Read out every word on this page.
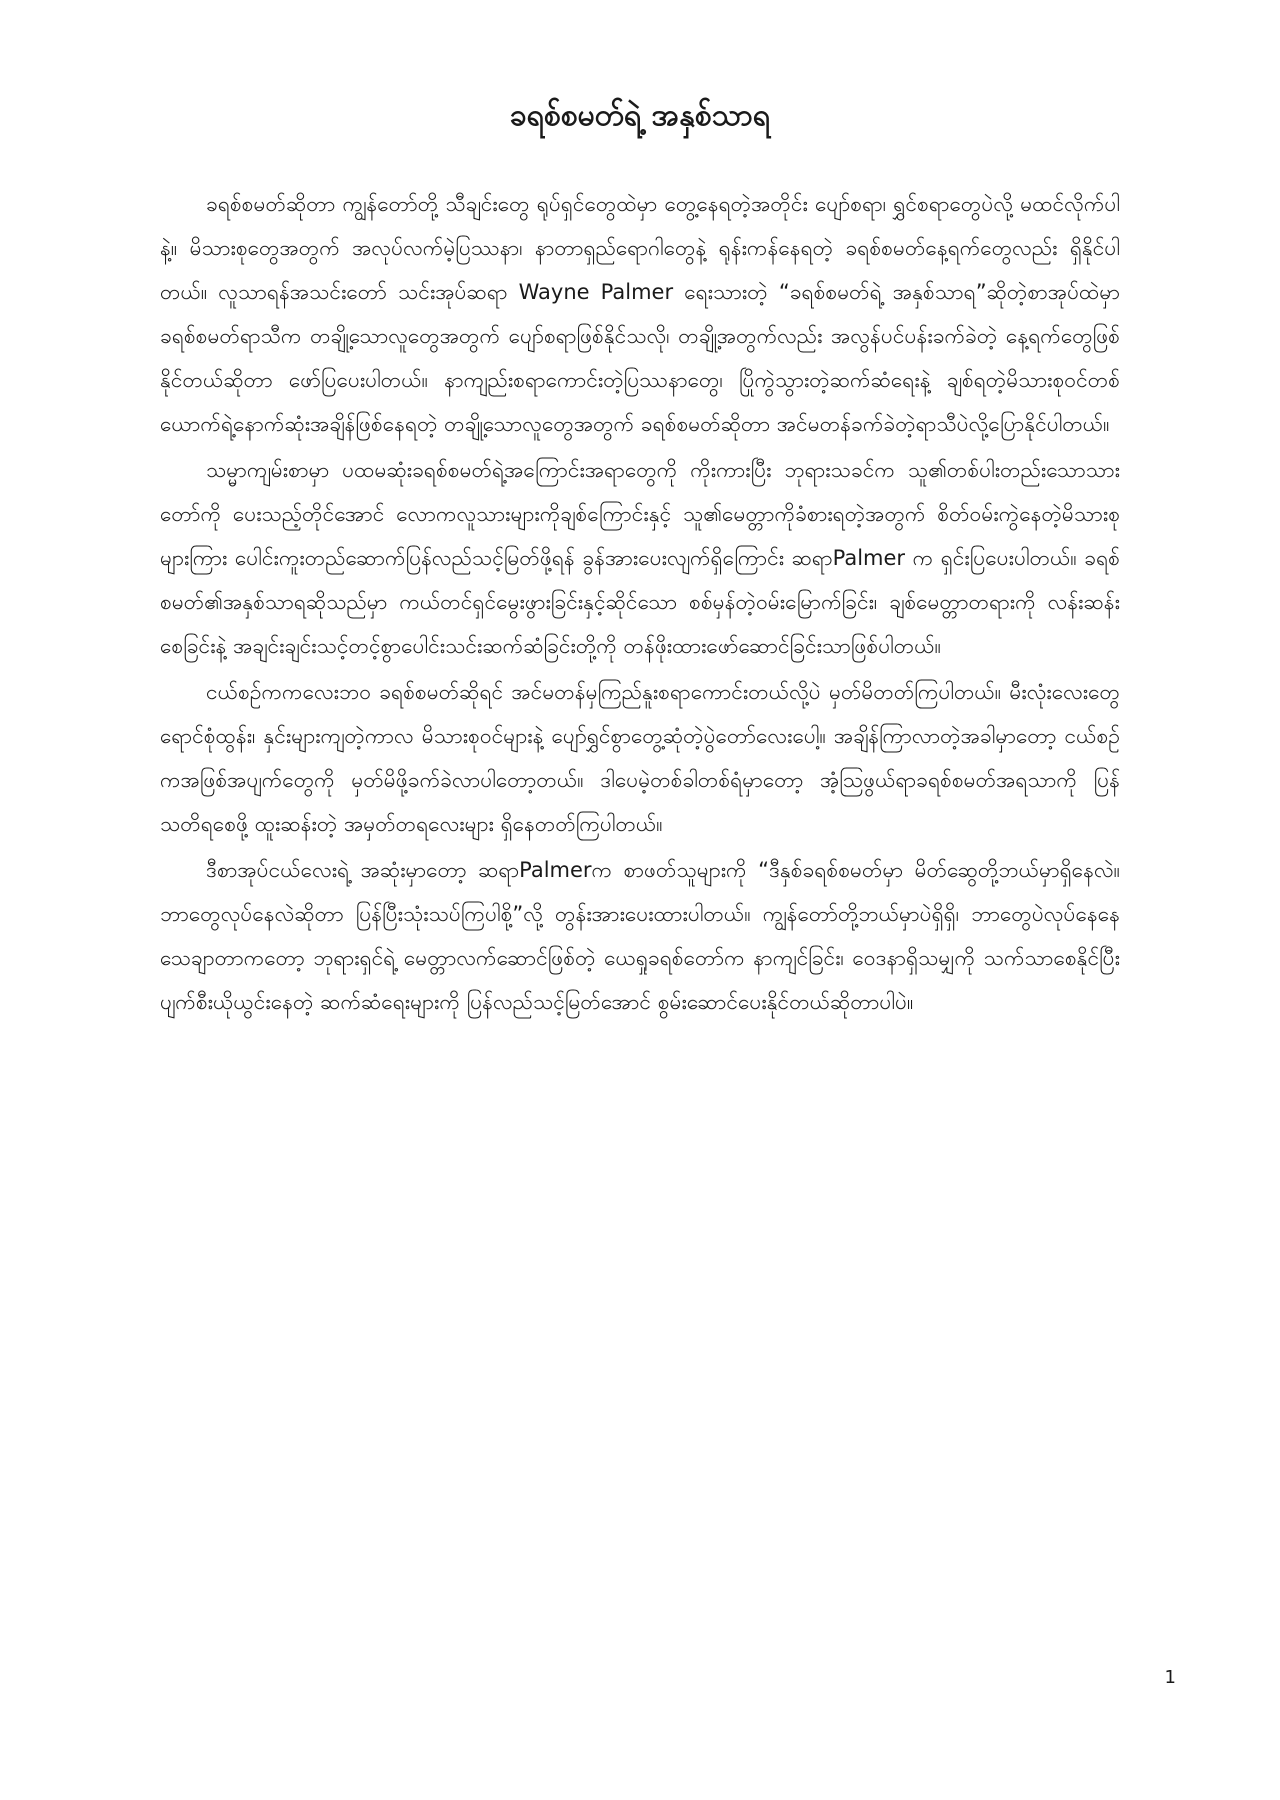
ခရစ်စမတ်ရဲ့ အနှစ်သာရ

ခရစ်စမတ်ဆိုတာ ကျွန်တော်တို့ သီချင်းတွေ ရုပ်ရှင်တွေထဲမှာ တွေ့နေရတဲ့အတိုင်း ပျော်စရာ၊ ရွှင်စရာတွေပဲလို့ မထင်လိုက်ပါနဲ့။ မိသားစုတွေအတွက် အလုပ်လက်မဲ့ပြဿနာ၊ နာတာရှည်ရောဂါတွေနဲ့ ရုန်းကန်နေရတဲ့ ခရစ်စမတ်နေ့ရက်တွေလည်း ရှိနိုင်ပါတယ်။ လူသာရန်အသင်းတော် သင်းအုပ်ဆရာ Wayne Palmer ရေးသားတဲ့ “ခရစ်စမတ်ရဲ့ အနှစ်သာရ”ဆိုတဲ့စာအုပ်ထဲမှာ ခရစ်စမတ်ရာသီက တချို့သောလူတွေအတွက် ပျော်စရာဖြစ်နိုင်သလို၊ တချို့အတွက်လည်း အလွန်ပင်ပန်းခက်ခဲတဲ့ နေ့ရက်တွေဖြစ်နိုင်တယ်ဆိုတာ ဖော်ပြပေးပါတယ်။ နာကျည်းစရာကောင်းတဲ့ပြဿနာတွေ၊ ပြိုကွဲသွားတဲ့ဆက်ဆံရေးနဲ့ ချစ်ရတဲ့မိသားစုဝင်တစ်ယောက်ရဲ့နောက်ဆုံးအချိန်ဖြစ်နေရတဲ့ တချို့သောလူတွေအတွက် ခရစ်စမတ်ဆိုတာ အင်မတန်ခက်ခဲတဲ့ရာသီပဲလို့ပြောနိုင်ပါတယ်။

သမ္မာကျမ်းစာမှာ ပထမဆုံးခရစ်စမတ်ရဲ့အကြောင်းအရာတွေကို ကိုးကားပြီး ဘုရားသခင်က သူ၏တစ်ပါးတည်းသောသားတော်ကို ပေးသည့်တိုင်အောင် လောကလူသားများကိုချစ်ကြောင်းနှင့် သူ၏မေတ္တာကိုခံစားရတဲ့အတွက် စိတ်ဝမ်းကွဲနေတဲ့မိသားစုများကြား ပေါင်းကူးတည်ဆောက်ပြန်လည်သင့်မြတ်ဖို့ရန် ခွန်အားပေးလျက်ရှိကြောင်း ဆရာPalmer က ရှင်းပြပေးပါတယ်။ ခရစ်စမတ်၏အနှစ်သာရဆိုသည်မှာ ကယ်တင်ရှင်မွေးဖွားခြင်းနှင့်ဆိုင်သော စစ်မှန်တဲ့ဝမ်းမြောက်ခြင်း၊ ချစ်မေတ္တာတရားကို လန်းဆန်းစေခြင်းနဲ့ အချင်းချင်းသင့်တင့်စွာပေါင်းသင်းဆက်ဆံခြင်းတို့ကို တန်ဖိုးထားဖော်ဆောင်ခြင်းသာဖြစ်ပါတယ်။

ငယ်စဉ်ကကလေးဘဝ ခရစ်စမတ်ဆိုရင် အင်မတန်မှကြည်နူးစရာကောင်းတယ်လို့ပဲ မှတ်မိတတ်ကြပါတယ်။ မီးလုံးလေးတွေ ရောင်စုံထွန်း၊ နှင်းများကျတဲ့ကာလ မိသားစုဝင်များနဲ့ ပျော်ရွှင်စွာတွေ့ဆုံတဲ့ပွဲတော်လေးပေါ့။ အချိန်ကြာလာတဲ့အခါမှာတော့ ငယ်စဉ်ကအဖြစ်အပျက်တွေကို မှတ်မိဖို့ခက်ခဲလာပါတော့တယ်။ ဒါပေမဲ့တစ်ခါတစ်ရံမှာတော့ အံ့သြဖွယ်ရာခရစ်စမတ်အရသာကို ပြန်သတိရစေဖို့ ထူးဆန်းတဲ့ အမှတ်တရလေးများ ရှိနေတတ်ကြပါတယ်။

ဒီစာအုပ်ငယ်လေးရဲ့ အဆုံးမှာတော့ ဆရာPalmerက စာဖတ်သူများကို “ဒီနှစ်ခရစ်စမတ်မှာ မိတ်ဆွေတို့ဘယ်မှာရှိနေလဲ။ ဘာတွေလုပ်နေလဲဆိုတာ ပြန်ပြီးသုံးသပ်ကြပါစို့”လို့ တွန်းအားပေးထားပါတယ်။ ကျွန်တော်တို့ဘယ်မှာပဲရှိရှိ၊ ဘာတွေပဲလုပ်နေနေ သေချာတာကတော့ ဘုရားရှင်ရဲ့ မေတ္တာလက်ဆောင်ဖြစ်တဲ့ ယေရှုခရစ်တော်က နာကျင်ခြင်း၊ ဝေဒနာရှိသမျှကို သက်သာစေနိုင်ပြီး ပျက်စီးယိုယွင်းနေတဲ့ ဆက်ဆံရေးများကို ပြန်လည်သင့်မြတ်အောင် စွမ်းဆောင်ပေးနိုင်တယ်ဆိုတာပါပဲ။

1
